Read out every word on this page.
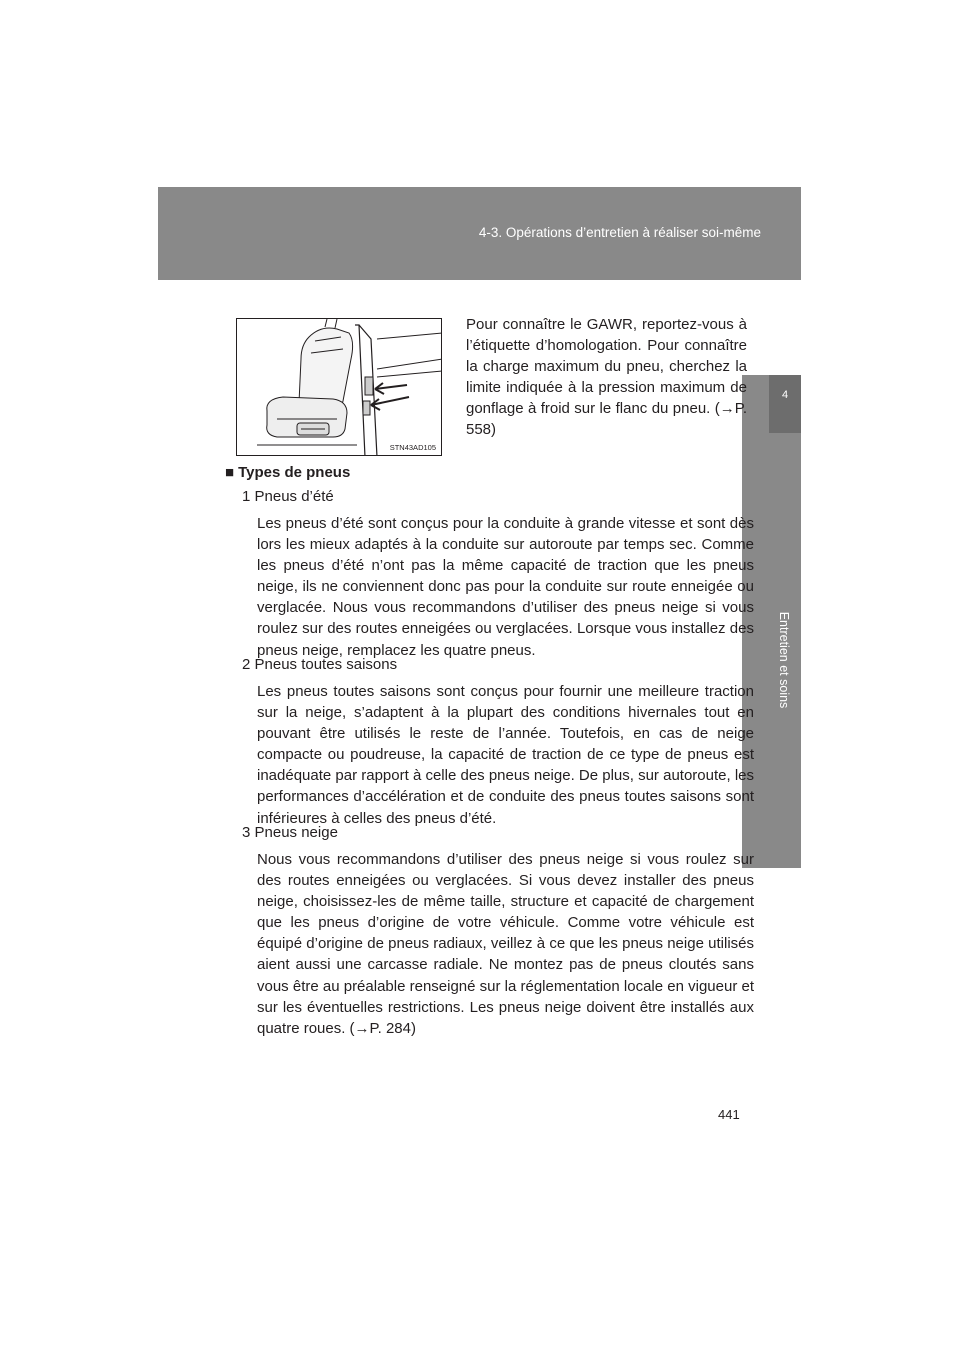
4-3. Opérations d’entretien à réaliser soi-même
4
Entretien et soins
STN43AD105
Pour connaître le GAWR, reportez-vous à l’étiquette d’homologation. Pour connaître la charge maximum du pneu, cherchez la limite indiquée à la pression maximum de gonflage à froid sur le flanc du pneu. (→P. 558)
■ Types de pneus
1 Pneus d’été
Les pneus d’été sont conçus pour la conduite à grande vitesse et sont dès lors les mieux adaptés à la conduite sur autoroute par temps sec. Comme les pneus d’été n’ont pas la même capacité de traction que les pneus neige, ils ne conviennent donc pas pour la conduite sur route enneigée ou verglacée. Nous vous recommandons d’utiliser des pneus neige si vous roulez sur des routes enneigées ou verglacées. Lorsque vous installez des pneus neige, remplacez les quatre pneus.
2 Pneus toutes saisons
Les pneus toutes saisons sont conçus pour fournir une meilleure traction sur la neige, s’adaptent à la plupart des conditions hivernales tout en pouvant être utilisés le reste de l’année. Toutefois, en cas de neige compacte ou poudreuse, la capacité de traction de ce type de pneus est inadéquate par rapport à celle des pneus neige. De plus, sur autoroute, les performances d’accélération et de conduite des pneus toutes saisons sont inférieures à celles des pneus d’été.
3 Pneus neige
Nous vous recommandons d’utiliser des pneus neige si vous roulez sur des routes enneigées ou verglacées. Si vous devez installer des pneus neige, choisissez-les de même taille, structure et capacité de chargement que les pneus d’origine de votre véhicule. Comme votre véhicule est équipé d’origine de pneus radiaux, veillez à ce que les pneus neige utilisés aient aussi une carcasse radiale. Ne montez pas de pneus cloutés sans vous être au préalable renseigné sur la réglementation locale en vigueur et sur les éventuelles restrictions. Les pneus neige doivent être installés aux quatre roues. (→P. 284)
441
